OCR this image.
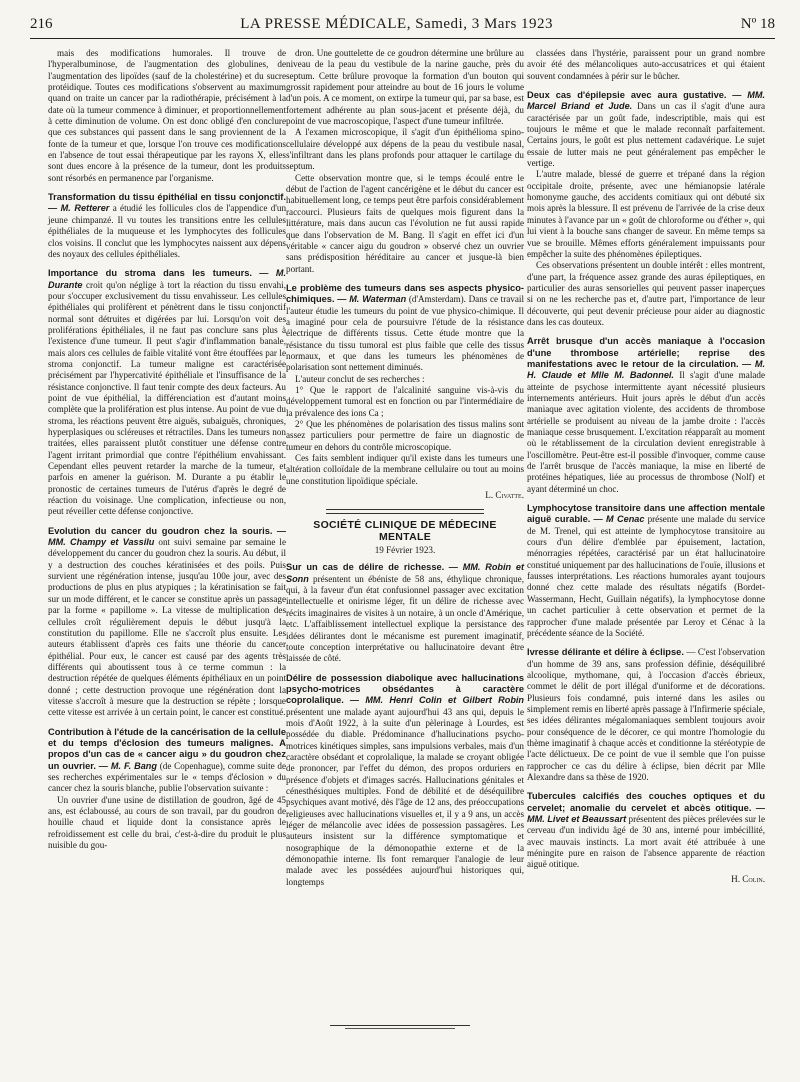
216	LA PRESSE MÉDICALE, Samedi, 3 Mars 1923	Nº 18

mais des modifications humorales. Il trouve de l'hyperalbuminose, de l'augmentation des globulines, de l'augmentation des lipoïdes (sauf de la cholestérine) et du sucre protéidique. Toutes ces modifications s'observent au maximum quand on traite un cancer par la radiothérapie, précisément à la date où la tumeur commence à diminuer, et proportionnellement à cette diminution de volume. On est donc obligé d'en conclure que ces substances qui passent dans le sang proviennent de la fonte de la tumeur et que, lorsque l'on trouve ces modifications en l'absence de tout essai thérapeutique par les rayons X, elles sont dues encore à la présence de la tumeur, dont les produits sont résorbés en permanence par l'organisme.

Transformation du tissu épithélial en tissu conjonctif. — M. Retterer a étudié les follicules clos de l'appendice d'un jeune chimpanzé. Il vu toutes les transitions entre les cellules épithéliales de la muqueuse et les lymphocytes des follicules clos voisins. Il conclut que les lymphocytes naissent aux dépens des noyaux des cellules épithéliales.

Importance du stroma dans les tumeurs. — M. Durante croit qu'on néglige à tort la réaction du tissu envahi, pour s'occuper exclusivement du tissu envahisseur. Les cellules épithéliales qui prolifèrent et pénètrent dans le tissu conjonctif normal sont détruites et digérées par lui. Lorsqu'on voit des proliférations épithéliales, il ne faut pas conclure sans plus à l'existence d'une tumeur. Il peut s'agir d'inflammation banale, mais alors ces cellules de faible vitalité vont être étouffées par le stroma conjonctif. La tumeur maligne est caractérisée précisément par l'hypercativité épithéliale et l'insuffisance de la résistance conjonctive. Il faut tenir compte des deux facteurs. Au point de vue épithélial, la différenciation est d'autant moins complète que la prolifération est plus intense. Au point de vue du stroma, les réactions peuvent être aiguës, subaiguës, chroniques, hyperplasiques ou scléreuses et rétractiles. Dans les tumeurs non traitées, elles paraissent plutôt constituer une défense contre l'agent irritant primordial que contre l'épithélium envahissant. Cependant elles peuvent retarder la marche de la tumeur, et parfois en amener la guérison. M. Durante a pu établir le pronostic de certaines tumeurs de l'utérus d'après le degré de réaction du voisinage. Une complication, infectieuse ou non, peut réveiller cette défense conjonctive.

Evolution du cancer du goudron chez la souris. — MM. Champy et Vassilu ont suivi semaine par semaine le développement du cancer du goudron chez la souris. Au début, il y a destruction des couches kératinisées et des poils. Puis survient une régénération intense, jusqu'au 100e jour, avec des productions de plus en plus atypiques ; la kératinisation se fait sur un mode différent, et le cancer se constitue après un passage par la forme « papillome ». La vitesse de multiplication des cellules croît régulièrement depuis le début jusqu'à la constitution du papillome. Elle ne s'accroît plus ensuite. Les auteurs établissent d'après ces faits une théorie du cancer épithélial. Pour eux, le cancer est causé par des agents très différents qui aboutissent tous à ce terme commun : la destruction répétée de quelques éléments épithéliaux en un point donné ; cette destruction provoque une régénération dont la vitesse s'accroît à mesure que la destruction se répète ; lorsque cette vitesse est arrivée à un certain point, le cancer est constitué.

Contribution à l'étude de la cancérisation de la cellule et du temps d'éclosion des tumeurs malignes. A propos d'un cas de « cancer aigu » du goudron chez un ouvrier. — M. F. Bang (de Copenhague), comme suite de ses recherches expérimentales sur le « temps d'éclosion » du cancer chez la souris blanche, publie l'observation suivante :

Un ouvrier d'une usine de distillation de goudron, âgé de 45 ans, est éclaboussé, au cours de son travail, par du goudron de houille chaud et liquide dont la consistance après le refroidissement est celle du brai, c'est-à-dire du produit le plus nuisible du gou-

dron. Une gouttelette de ce goudron détermine une brûlure au niveau de la peau du vestibule de la narine gauche, près du septum. Cette brûlure provoque la formation d'un bouton qui grossit rapidement pour atteindre au bout de 16 jours le volume d'un pois. A ce moment, on extirpe la tumeur qui, par sa base, est fortement adhérente au plan sous-jacent et présente déjà, du point de vue macroscopique, l'aspect d'une tumeur infiltrée.

A l'examen microscopique, il s'agit d'un épithélioma spino-cellulaire développé aux dépens de la peau du vestibule nasal, s'infiltrant dans les plans profonds pour attaquer le cartilage du septum.

Cette observation montre que, si le temps écoulé entre le début de l'action de l'agent cancérigène et le début du cancer est habituellement long, ce temps peut être parfois considérablement raccourci. Plusieurs faits de quelques mois figurent dans la littérature, mais dans aucun cas l'évolution ne fut aussi rapide que dans l'observation de M. Bang. Il s'agit en effet ici d'un véritable « cancer aigu du goudron » observé chez un ouvrier sans prédisposition héréditaire au cancer et jusque-là bien portant.

Le problème des tumeurs dans ses aspects physico-chimiques. — M. Waterman (d'Amsterdam). Dans ce travail l'auteur étudie les tumeurs du point de vue physico-chimique. Il a imaginé pour cela de poursuivre l'étude de la résistance électrique de différents tissus. Cette étude montre que la résistance du tissu tumoral est plus faible que celle des tissus normaux, et que dans les tumeurs les phénomènes de polarisation sont nettement diminués.

L'auteur conclut de ses recherches :

1° Que le rapport de l'alcalinité sanguine vis-à-vis du développement tumoral est en fonction ou par l'intermédiaire de la prévalence des ions Ca ;

2° Que les phénomènes de polarisation des tissus malins sont assez particuliers pour permettre de faire un diagnostic de tumeur en dehors du contrôle microscopique.

Ces faits semblent indiquer qu'il existe dans les tumeurs une altération colloïdale de la membrane cellulaire ou tout au moins une constitution lipoïdique spéciale.

L. Civatte.
SOCIÉTÉ CLINIQUE DE MÉDECINE MENTALE
19 Février 1923.

Sur un cas de délire de richesse. — MM. Robin et Sonn présentent un ébéniste de 58 ans, éthylique chronique, qui, à la faveur d'un état confusionnel passager avec excitation intellectuelle et onirisme léger, fit un délire de richesse avec récits imaginaires de visites à un notaire, à un oncle d'Amérique, etc. L'affaiblissement intellectuel explique la persistance des idées délirantes dont le mécanisme est purement imaginatif, toute conception interprétative ou hallucinatoire devant être laissée de côté.

Délire de possession diabolique avec hallucinations psycho-motrices obsédantes à caractère coprolalique. — MM. Henri Colin et Gilbert Robin présentent une malade ayant aujourd'hui 43 ans qui, depuis le mois d'Août 1922, à la suite d'un pèlerinage à Lourdes, est possédée du diable. Prédominance d'hallucinations psycho-motrices kinétiques simples, sans impulsions verbales, mais d'un caractère obsédant et coprolalique, la malade se croyant obligée de prononcer, par l'effet du démon, des propos orduriers en présence d'objets et d'images sacrés. Hallucinations génitales et cénesthésiques multiples. Fond de débilité et de déséquilibre psychiques avant motivé, dès l'âge de 12 ans, des préoccupations religieuses avec hallucinations visuelles et, il y a 9 ans, un accès léger de mélancolie avec idées de possession passagères. Les auteurs insistent sur la différence symptomatique et nosographique de la démonopathie externe et de la démonopathie interne. Ils font remarquer l'analogie de leur malade avec les possédées aujourd'hui historiques qui, longtemps

classées dans l'hystérie, paraissent pour un grand nombre avoir été des mélancoliques auto-accusatrices et qui étaient souvent condamnées à périr sur le bûcher.

Deux cas d'épilepsie avec aura gustative. — MM. Marcel Briand et Jude. Dans un cas il s'agit d'une aura caractérisée par un goût fade, indescriptible, mais qui est toujours le même et que le malade reconnaît parfaitement. Certains jours, le goût est plus nettement cadavérique. Le sujet essaie de lutter mais ne peut généralement pas empêcher le vertige.

L'autre malade, blessé de guerre et trépané dans la région occipitale droite, présente, avec une hémianopsie latérale homonyme gauche, des accidents comitiaux qui ont débuté six mois après la blessure. Il est prévenu de l'arrivée de la crise deux minutes à l'avance par un « goût de chloroforme ou d'éther », qui lui vient à la bouche sans changer de saveur. En même temps sa vue se brouille. Mêmes efforts généralement impuissants pour empêcher la suite des phénomènes épileptiques.

Ces observations présentent un double intérêt : elles montrent, d'une part, la fréquence assez grande des auras épileptiques, en particulier des auras sensorielles qui peuvent passer inaperçues si on ne les recherche pas et, d'autre part, l'importance de leur découverte, qui peut devenir précieuse pour aider au diagnostic dans les cas douteux.

Arrêt brusque d'un accès maniaque à l'occasion d'une thrombose artérielle; reprise des manifestations avec le retour de la circulation. — M. H. Claude et Mlle M. Badonnel. Il s'agit d'une malade atteinte de psychose intermittente ayant nécessité plusieurs internements antérieurs. Huit jours après le début d'un accès maniaque avec agitation violente, des accidents de thrombose artérielle se produisent au niveau de la jambe droite : l'accès maniaque cesse brusquement. L'excitation réapparaît au moment où le rétablissement de la circulation devient enregistrable à l'oscillomètre. Peut-être est-il possible d'invoquer, comme cause de l'arrêt brusque de l'accès maniaque, la mise en liberté de protéines hépatiques, liée au processus de thrombose (Nolf) et ayant déterminé un choc.

Lymphocytose transitoire dans une affection mentale aiguë curable. — M Cenac présente une malade du service de M. Trenel, qui est atteinte de lymphocytose transitoire au cours d'un délire d'emblée par épuisement, lactation, ménorragies répétées, caractérisé par un état hallucinatoire constitué uniquement par des hallucinations de l'ouïe, illusions et fausses interprétations. Les réactions humorales ayant toujours donné chez cette malade des résultats négatifs (Bordet-Wassermann, Hecht, Guillain négatifs), la lymphocytose donne un cachet particulier à cette observation et permet de la rapprocher d'une malade présentée par Leroy et Cénac à la précédente séance de la Société.

Ivresse délirante et délire à éclipse. — C'est l'observation d'un homme de 39 ans, sans profession définie, déséquilibré alcoolique, mythomane, qui, à l'occasion d'accès ébrieux, commet le délit de port illégal d'uniforme et de décorations. Plusieurs fois condamné, puis interné dans les asiles ou simplement remis en liberté après passage à l'Infirmerie spéciale, ses idées délirantes mégalomaniaques semblent toujours avoir pour conséquence de le décorer, ce qui montre l'homologie du thème imaginatif à chaque accès et conditionne la stéréotypie de l'acte délictueux. De ce point de vue il semble que l'on puisse rapprocher ce cas du délire à éclipse, bien décrit par Mlle Alexandre dans sa thèse de 1920.

Tubercules calcifiés des couches optiques et du cervelet; anomalie du cervelet et abcès otitique. — MM. Livet et Beaussart présentent des pièces prélevées sur le cerveau d'un individu âgé de 30 ans, interné pour imbécillité, avec mauvais instincts. La mort avait été attribuée à une méningite pure en raison de l'absence apparente de réaction aiguë otitique.

H. Colin.
